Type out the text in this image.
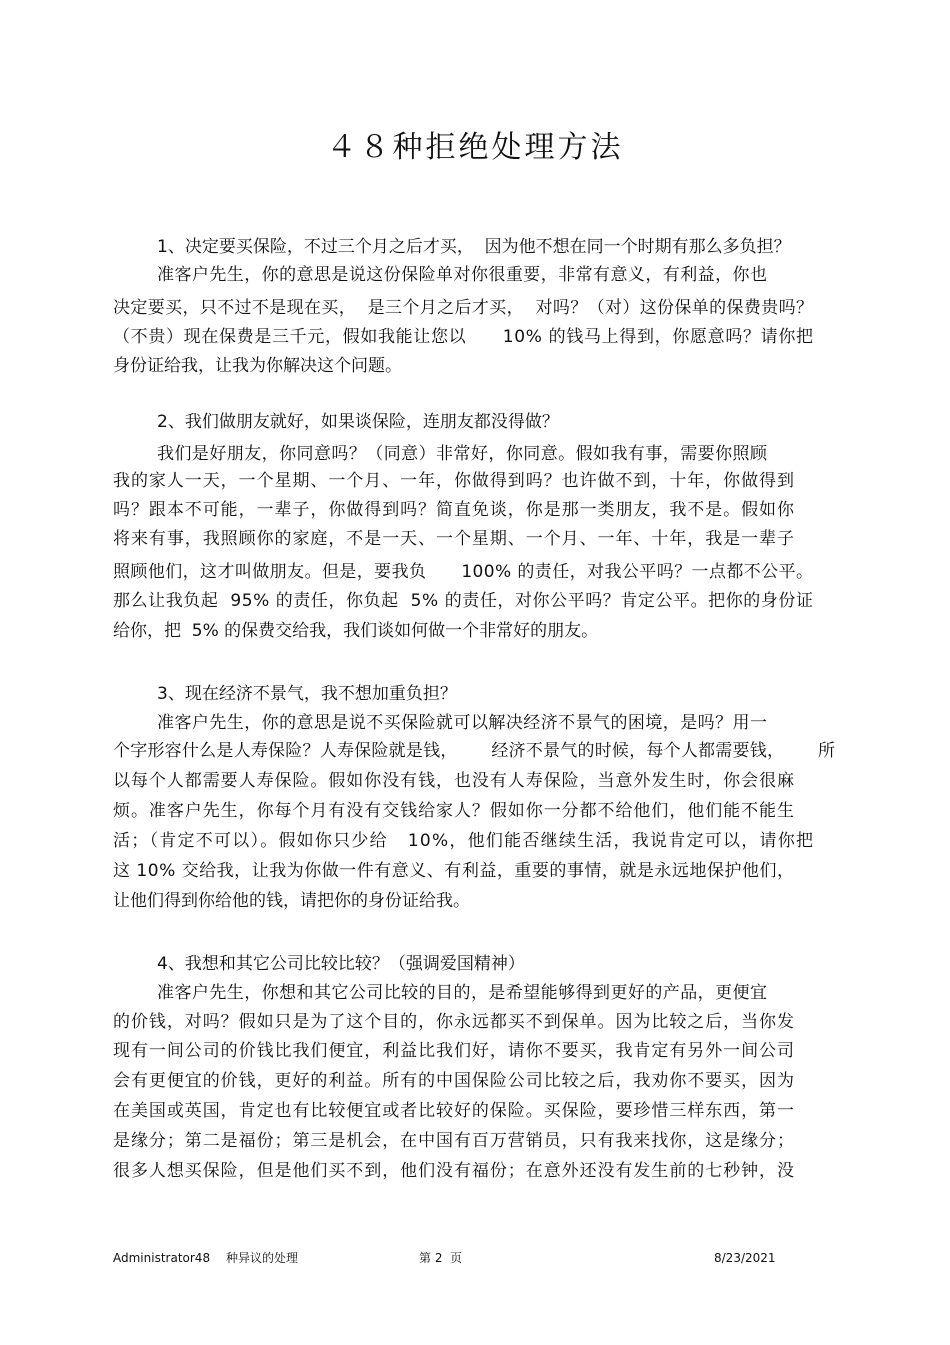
４８种拒绝处理方法
1、决定要买保险，不过三个月之后才买，  因为他不想在同一个时期有那么多负担？
准客户先生，你的意思是说这份保险单对你很重要，非常有意义，有利益，你也
决定要买，只不过不是现在买，  是三个月之后才买，  对吗？（对）这份保单的保费贵吗？
（不贵）现在保费是三千元，假如我能让您以      10% 的钱马上得到，你愿意吗？请你把
身份证给我，让我为你解决这个问题。
2、我们做朋友就好，如果谈保险，连朋友都没得做？
我们是好朋友，你同意吗？（同意）非常好，你同意。假如我有事，需要你照顾
我的家人一天，一个星期、一个月、一年，你做得到吗？也许做不到，十年，你做得到
吗？跟本不可能，一辈子，你做得到吗？简直免谈，你是那一类朋友，我不是。假如你
将来有事，我照顾你的家庭，不是一天、一个星期、一个月、一年、十年，我是一辈子
照顾他们，这才叫做朋友。但是，要我负      100% 的责任，对我公平吗？一点都不公平。
那么让我负起  95% 的责任，你负起  5% 的责任，对你公平吗？肯定公平。把你的身份证
给你，把  5% 的保费交给我，我们谈如何做一个非常好的朋友。
3、现在经济不景气，我不想加重负担？
准客户先生，你的意思是说不买保险就可以解决经济不景气的困境，是吗？用一
个字形容什么是人寿保险？人寿保险就是钱，      经济不景气的时候，每个人都需要钱，      所
以每个人都需要人寿保险。假如你没有钱，也没有人寿保险，当意外发生时，你会很麻
烦。准客户先生，你每个月有没有交钱给家人？假如你一分都不给他们，他们能不能生
活；（肯定不可以）。假如你只少给   10%，他们能否继续生活，我说肯定可以，请你把
这 10% 交给我，让我为你做一件有意义、有利益，重要的事情，就是永远地保护他们，
让他们得到你给他的钱，请把你的身份证给我。
4、我想和其它公司比较比较？（强调爱国精神）
准客户先生，你想和其它公司比较的目的，是希望能够得到更好的产品，更便宜
的价钱，对吗？假如只是为了这个目的，你永远都买不到保单。因为比较之后，当你发
现有一间公司的价钱比我们便宜，利益比我们好，请你不要买，我肯定有另外一间公司
会有更便宜的价钱，更好的利益。所有的中国保险公司比较之后，我劝你不要买，因为
在美国或英国，肯定也有比较便宜或者比较好的保险。买保险，要珍惜三样东西，第一
是缘分；第二是福份；第三是机会，在中国有百万营销员，只有我来找你，这是缘分；
很多人想买保险，但是他们买不到，他们没有福份；在意外还没有发生前的七秒钟，没
Administrator48 种异议的处理	第 2  页	8/23/2021
